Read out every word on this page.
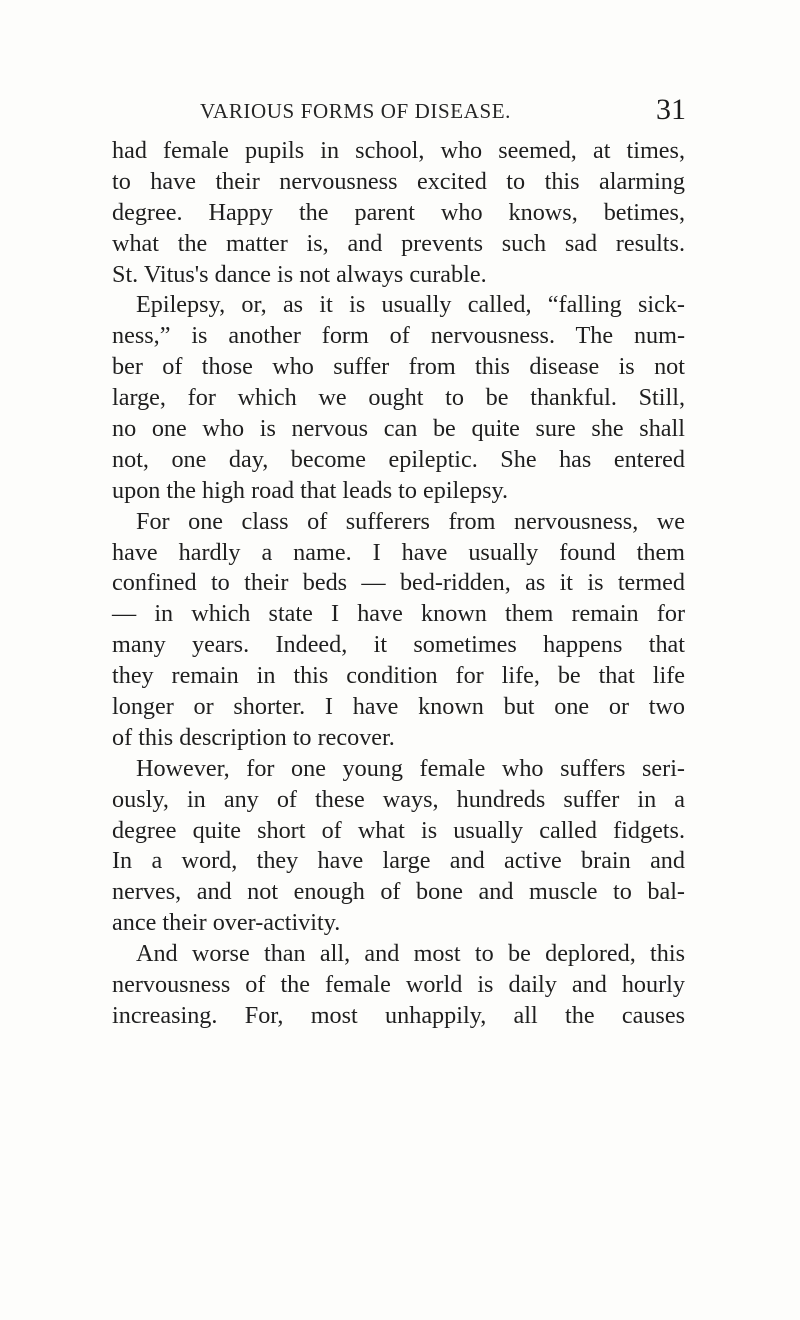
VARIOUS FORMS OF DISEASE.	31
had female pupils in school, who seemed, at times,
to have their nervousness excited to this alarming
degree. Happy the parent who knows, betimes,
what the matter is, and prevents such sad results.
St. Vitus's dance is not always curable.
Epilepsy, or, as it is usually called, “falling sick-
ness,” is another form of nervousness. The num-
ber of those who suffer from this disease is not
large, for which we ought to be thankful. Still,
no one who is nervous can be quite sure she shall
not, one day, become epileptic. She has entered
upon the high road that leads to epilepsy.
For one class of sufferers from nervousness, we
have hardly a name. I have usually found them
confined to their beds — bed-ridden, as it is termed
— in which state I have known them remain for
many years. Indeed, it sometimes happens that
they remain in this condition for life, be that life
longer or shorter. I have known but one or two
of this description to recover.
However, for one young female who suffers seri-
ously, in any of these ways, hundreds suffer in a
degree quite short of what is usually called fidgets.
In a word, they have large and active brain and
nerves, and not enough of bone and muscle to bal-
ance their over-activity.
And worse than all, and most to be deplored, this
nervousness of the female world is daily and hourly
increasing. For, most unhappily, all the causes
